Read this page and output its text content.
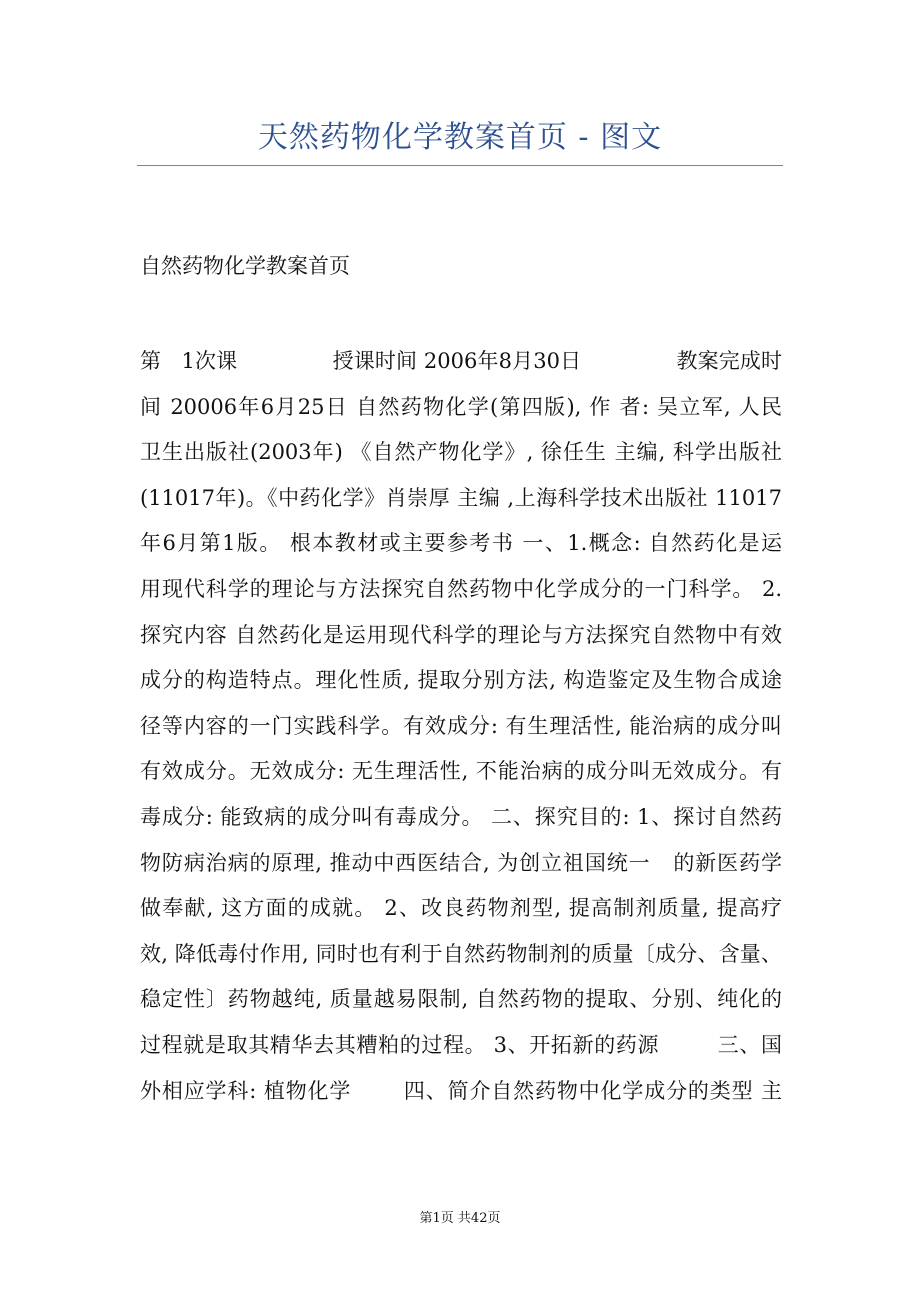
天然药物化学教案首页 - 图文
自然药物化学教案首页
第   1次课              授课时间 2006年8月30日              教案完成时
间 20006年6月25日 自然药物化学(第四版), 作 者: 吴立军, 人民
卫生出版社(2003年) 《自然产物化学》, 徐任生 主编, 科学出版社
(11017年)。《中药化学》肖崇厚 主编 ,上海科学技术出版社 11017
年6月第1版。 根本教材或主要参考书 一、1.概念: 自然药化是运
用现代科学的理论与方法探究自然药物中化学成分的一门科学。 2.
探究内容 自然药化是运用现代科学的理论与方法探究自然物中有效
成分的构造特点。理化性质, 提取分别方法, 构造鉴定及生物合成途
径等内容的一门实践科学。有效成分: 有生理活性, 能治病的成分叫
有效成分。无效成分: 无生理活性, 不能治病的成分叫无效成分。有
毒成分: 能致病的成分叫有毒成分。 二、探究目的: 1、探讨自然药
物防病治病的原理, 推动中西医结合, 为创立祖国统一   的新医药学
做奉献, 这方面的成就。 2、改良药物剂型, 提高制剂质量, 提高疗
效, 降低毒付作用, 同时也有利于自然药物制剂的质量〔成分、含量、
稳定性〕药物越纯, 质量越易限制, 自然药物的提取、分别、纯化的
过程就是取其精华去其糟粕的过程。 3、开拓新的药源        三、国
外相应学科: 植物化学       四、简介自然药物中化学成分的类型 主
第1页 共42页
